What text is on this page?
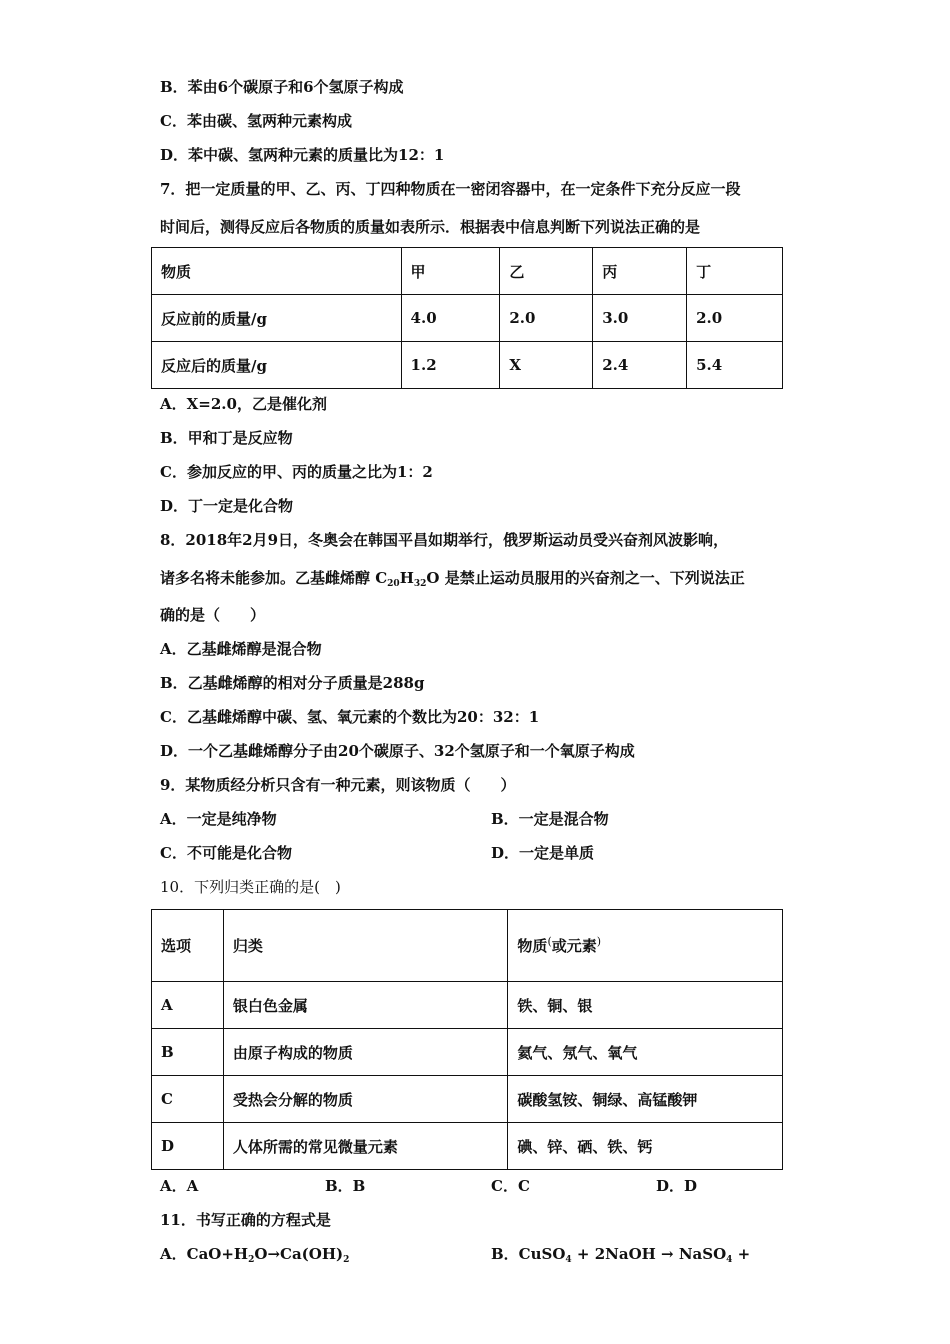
B．苯由6个碳原子和6个氢原子构成
C．苯由碳、氢两种元素构成
D．苯中碳、氢两种元素的质量比为12：1
7．把一定质量的甲、乙、丙、丁四种物质在一密闭容器中，在一定条件下充分反应一段
时间后，测得反应后各物质的质量如表所示．根据表中信息判断下列说法正确的是
物质	甲	乙	丙	丁
反应前的质量/g	4.0	2.0	3.0	2.0
反应后的质量/g	1.2	X	2.4	5.4
A．X=2.0，乙是催化剂
B．甲和丁是反应物
C．参加反应的甲、丙的质量之比为1：2
D．丁一定是化合物
8．2018年2月9日，冬奥会在韩国平昌如期举行，俄罗斯运动员受兴奋剂风波影响，
诸多名将未能参加。乙基雌烯醇 $C_{20}H_{32}O$ 是禁止运动员服用的兴奋剂之一、下列说法正
确的是（　　）
A．乙基雌烯醇是混合物
B．乙基雌烯醇的相对分子质量是288g
C．乙基雌烯醇中碳、氢、氧元素的个数比为20：32：1
D．一个乙基雌烯醇分子由20个碳原子、32个氢原子和一个氧原子构成
9．某物质经分析只含有一种元素，则该物质（　　）
A．一定是纯净物	B．一定是混合物
C．不可能是化合物	D．一定是单质
10．下列归类正确的是(　)
选项	归类	物质(或元素)
A	银白色金属	铁、铜、银
B	由原子构成的物质	氦气、氖气、氧气
C	受热会分解的物质	碳酸氢铵、铜绿、高锰酸钾
D	人体所需的常见微量元素	碘、锌、硒、铁、钙
A．A	B．B	C．C	D．D
11．书写正确的方程式是
A．$CaO+H_2O\to Ca(OH)_2$	B．CuSO$_4$ + 2NaOH → NaSO$_4$ +
